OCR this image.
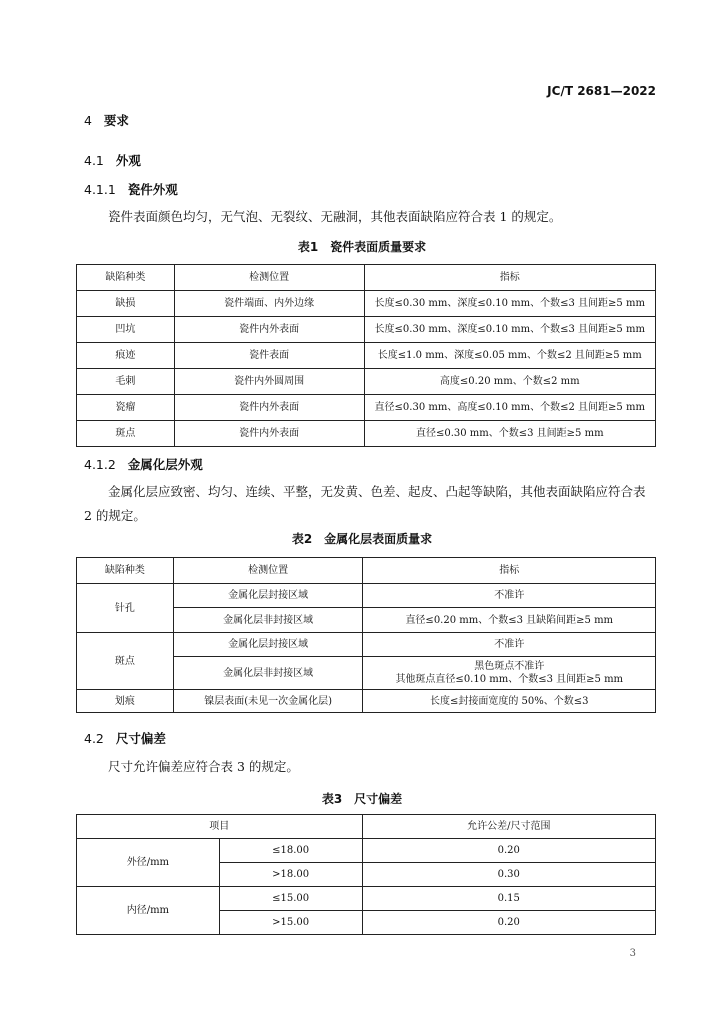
JC/T 2681—2022
4 要求
4.1 外观
4.1.1 瓷件外观
瓷件表面颜色均匀，无气泡、无裂纹、无融洞，其他表面缺陷应符合表 1 的规定。
表1　瓷件表面质量要求
缺陷种类	检测位置	指标
缺损	瓷件端面、内外边缘	长度≤0.30 mm、深度≤0.10 mm、个数≤3 且间距≥5 mm
凹坑	瓷件内外表面	长度≤0.30 mm、深度≤0.10 mm、个数≤3 且间距≥5 mm
痕迹	瓷件表面	长度≤1.0 mm、深度≤0.05 mm、个数≤2 且间距≥5 mm
毛刺	瓷件内外圆周围	高度≤0.20 mm、个数≤2 mm
瓷瘤	瓷件内外表面	直径≤0.30 mm、高度≤0.10 mm、个数≤2 且间距≥5 mm
斑点	瓷件内外表面	直径≤0.30 mm、个数≤3 且间距≥5 mm
4.1.2 金属化层外观
金属化层应致密、均匀、连续、平整，无发黄、色差、起皮、凸起等缺陷，其他表面缺陷应符合表
2 的规定。
表2　金属化层表面质量求
缺陷种类	检测位置	指标
针孔	金属化层封接区域	不准许
	金属化层非封接区域	直径≤0.20 mm、个数≤3 且缺陷间距≥5 mm
斑点	金属化层封接区域	不准许
	金属化层非封接区域	黑色斑点不准许
其他斑点直径≤0.10 mm、个数≤3 且间距≥5 mm

划痕	镍层表面(未见一次金属化层)	长度≤封接面宽度的 50%、个数≤3
4.2 尺寸偏差
尺寸允许偏差应符合表 3 的规定。
表3　尺寸偏差
项目		允许公差/尺寸范围
外径/mm	≤18.00	0.20
	>18.00	0.30
内径/mm	≤15.00	0.15
	>15.00	0.20
3
